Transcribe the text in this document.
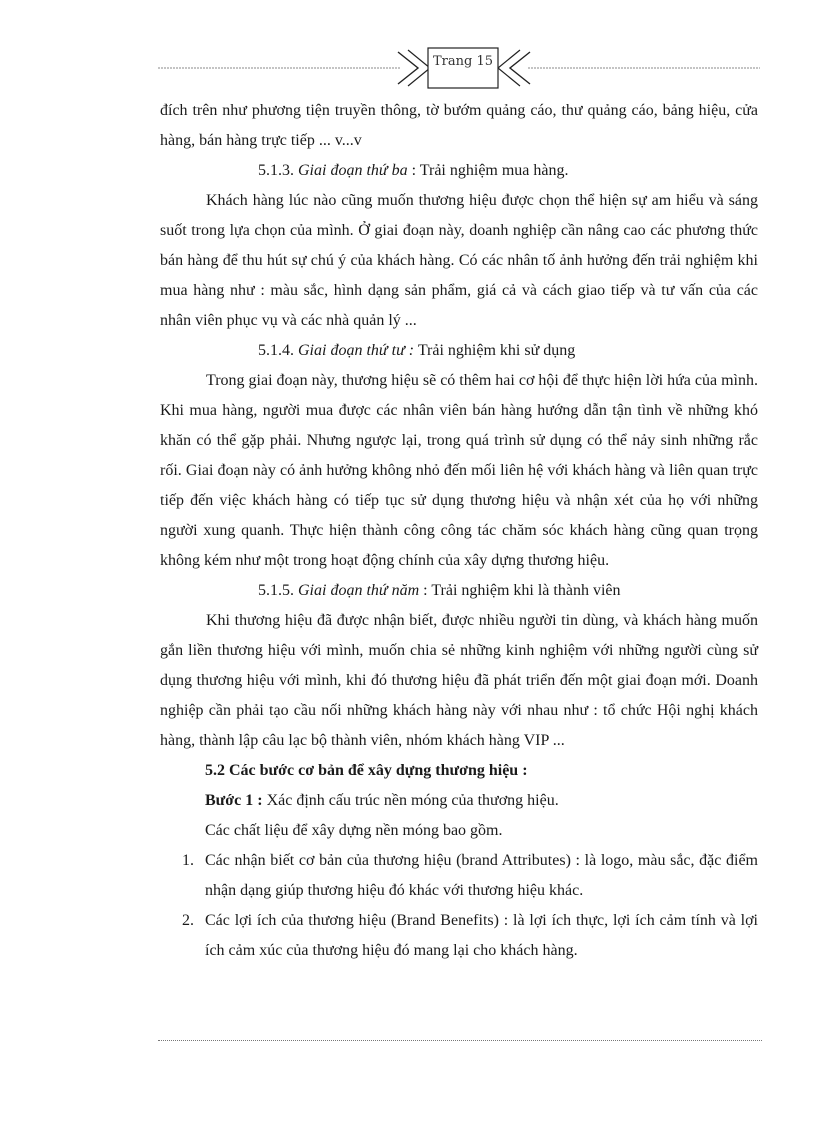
Trang 15

đích trên như phương tiện truyền thông, tờ bướm quảng cáo, thư quảng cáo, bảng hiệu, cửa hàng, bán hàng trực tiếp ... v...v

5.1.3. Giai đoạn thứ ba : Trải nghiệm mua hàng.

Khách hàng lúc nào cũng muốn thương hiệu được chọn thể hiện sự am hiểu và sáng suốt trong lựa chọn của mình. Ở giai đoạn này, doanh nghiệp cần nâng cao các phương thức bán hàng để thu hút sự chú ý của khách hàng. Có các nhân tố ảnh hưởng đến trải nghiệm khi mua hàng như : màu sắc, hình dạng sản phẩm, giá cả và cách giao tiếp và tư vấn của các nhân viên phục vụ và các nhà quản lý ...

5.1.4. Giai đoạn thứ tư : Trải nghiệm khi sử dụng

Trong giai đoạn này, thương hiệu sẽ có thêm hai cơ hội để thực hiện lời hứa của mình. Khi mua hàng, người mua được các nhân viên bán hàng hướng dẫn tận tình về những khó khăn có thể gặp phải. Nhưng ngược lại, trong quá trình sử dụng có thể nảy sinh những rắc rối. Giai đoạn này có ảnh hưởng không nhỏ đến mối liên hệ với khách hàng và liên quan trực tiếp đến việc khách hàng có tiếp tục sử dụng thương hiệu và nhận xét của họ với những người xung quanh. Thực hiện thành công công tác chăm sóc khách hàng cũng quan trọng không kém như một trong hoạt động chính của xây dựng thương hiệu.

5.1.5. Giai đoạn thứ năm : Trải nghiệm khi là thành viên

Khi thương hiệu đã được nhận biết, được nhiều người tin dùng, và khách hàng muốn gắn liền thương hiệu với mình, muốn chia sẻ những kinh nghiệm với những người cùng sử dụng thương hiệu với mình, khi đó thương hiệu đã phát triển đến một giai đoạn mới. Doanh nghiệp cần phải tạo cầu nối những khách hàng này với nhau như : tổ chức Hội nghị khách hàng, thành lập câu lạc bộ thành viên, nhóm khách hàng VIP ...

5.2 Các bước cơ bản để xây dựng thương hiệu :

Bước 1 : Xác định cấu trúc nền móng của thương hiệu.

Các chất liệu để xây dựng nền móng bao gồm.

1. Các nhận biết cơ bản của thương hiệu (brand Attributes) : là logo, màu sắc, đặc điểm nhận dạng giúp thương hiệu đó khác với thương hiệu khác.
2. Các lợi ích của thương hiệu (Brand Benefits) : là lợi ích thực, lợi ích cảm tính và lợi ích cảm xúc của thương hiệu đó mang lại cho khách hàng.
